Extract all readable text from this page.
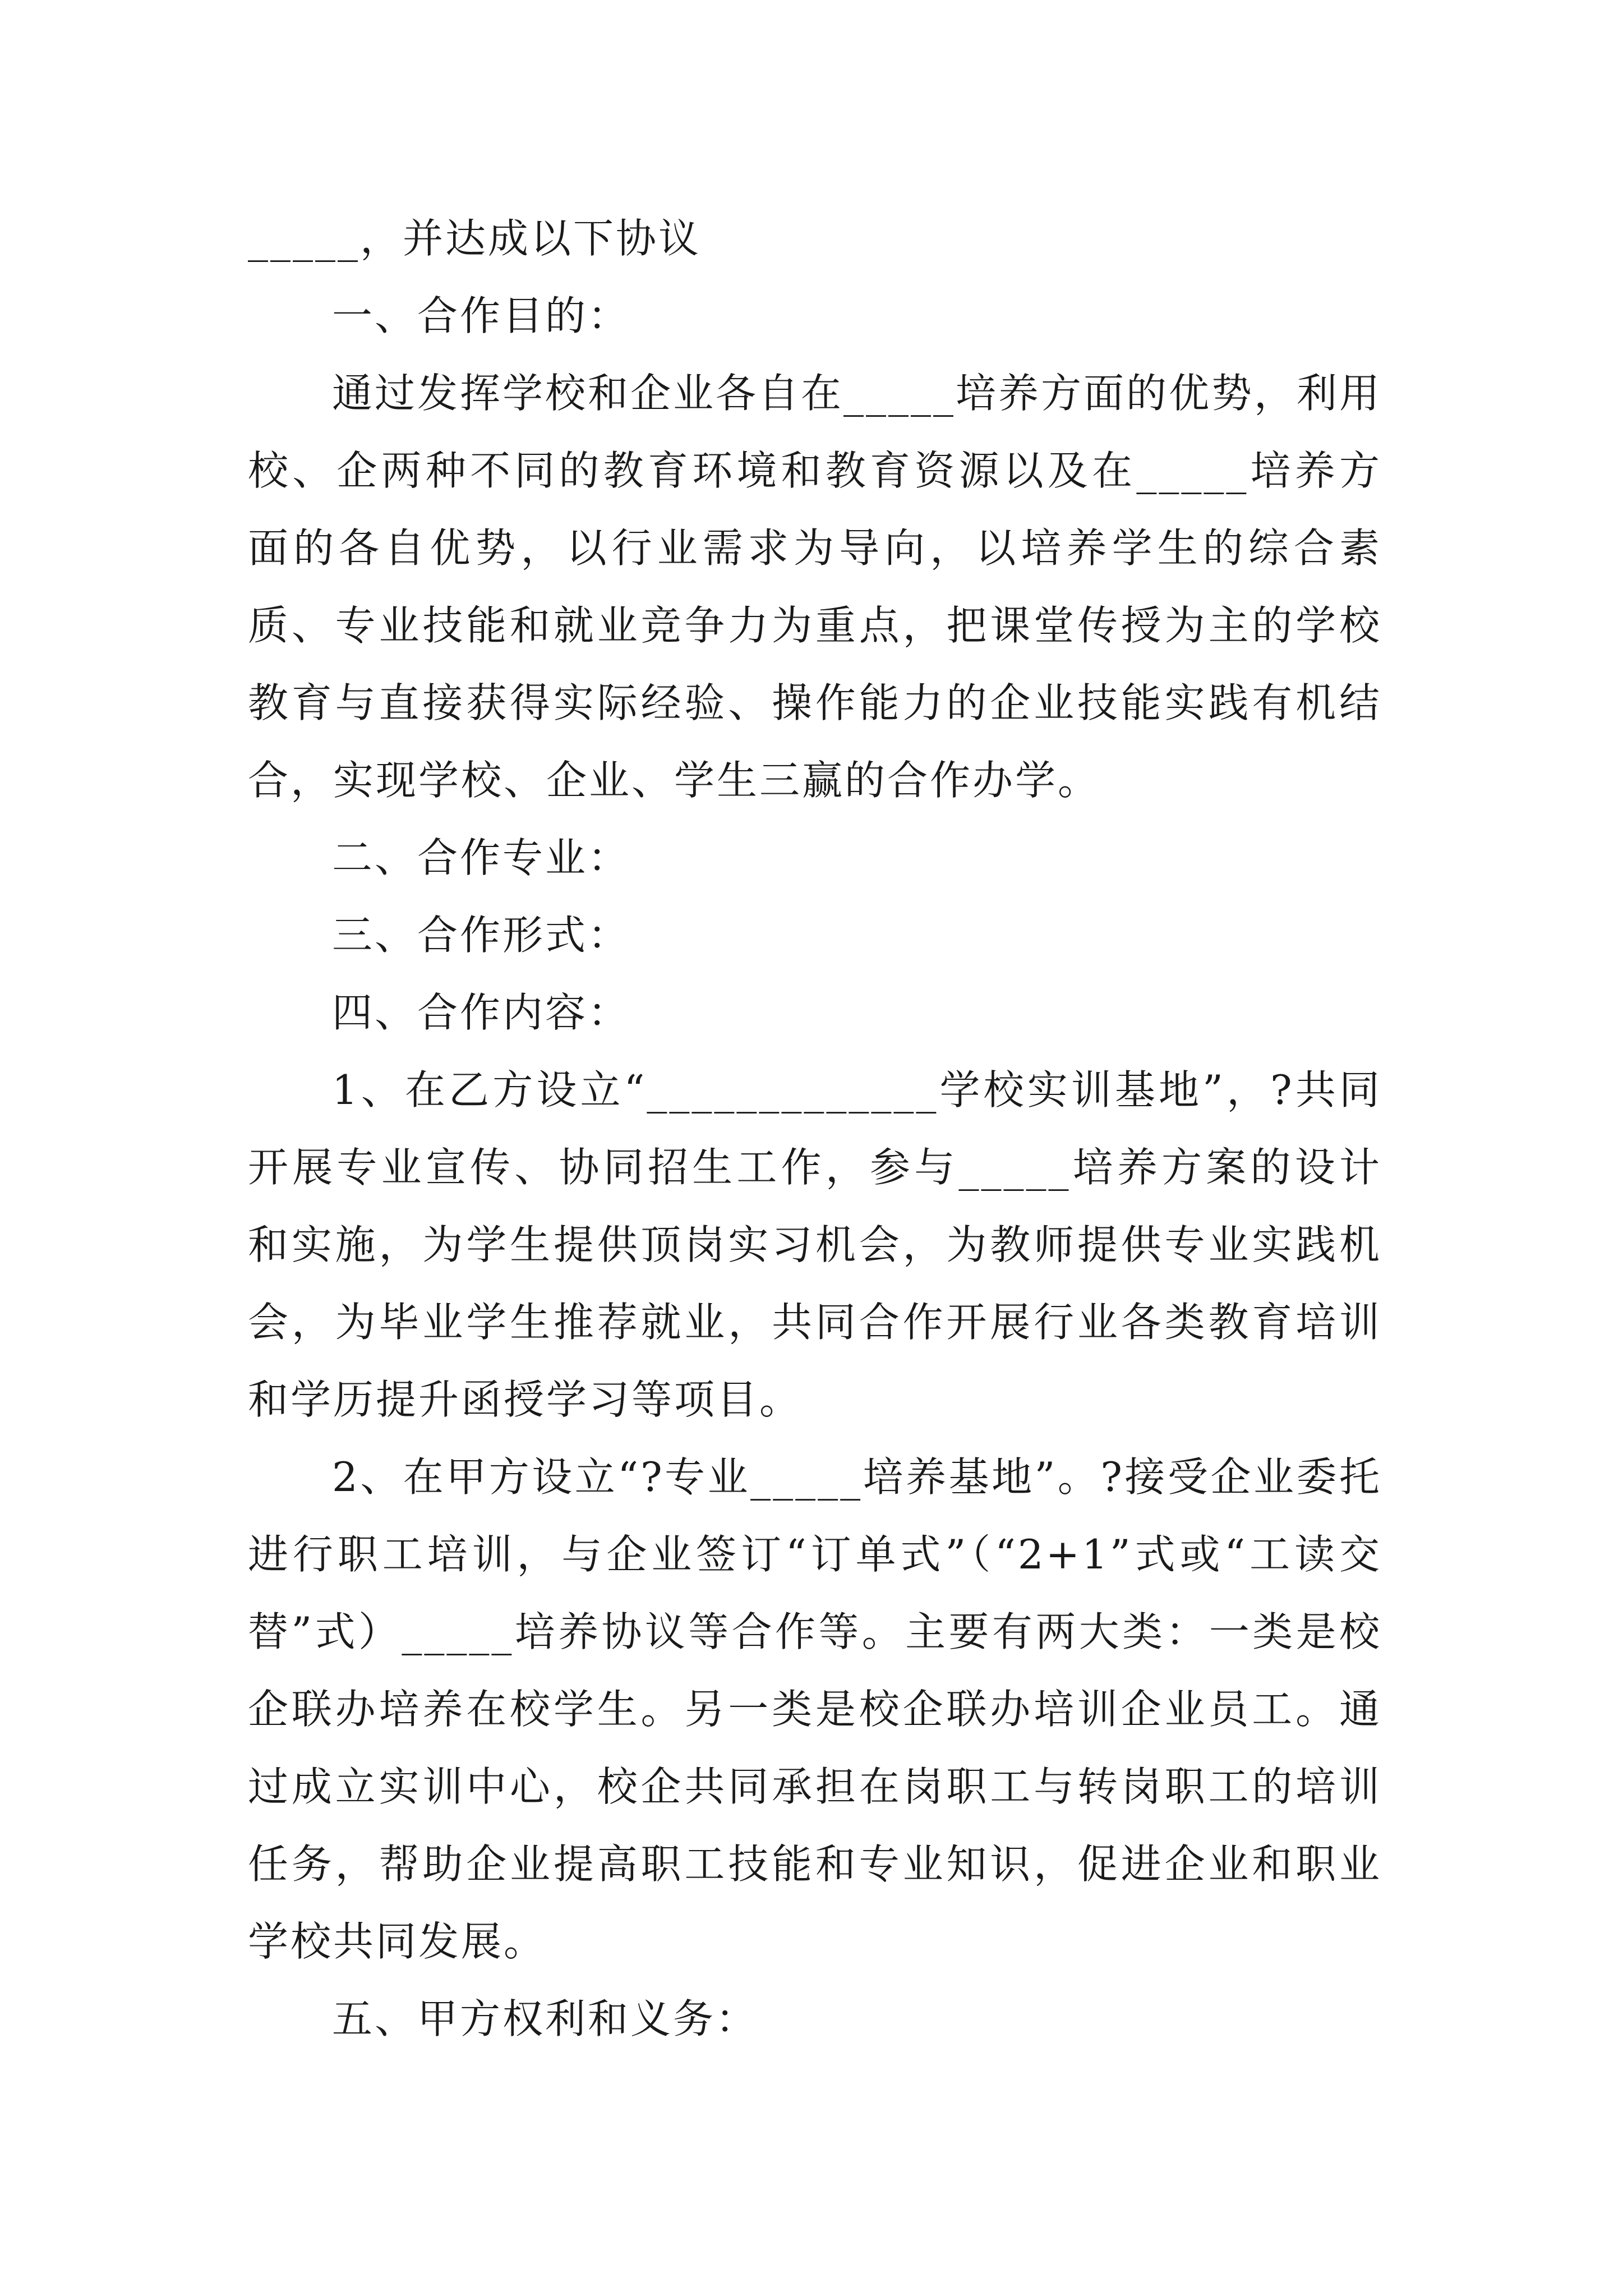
_____，并达成以下协议

一、合作目的：

通过发挥学校和企业各自在_____培养方面的优势，利用校、企两种不同的教育环境和教育资源以及在_____培养方面的各自优势，以行业需求为导向，以培养学生的综合素质、专业技能和就业竞争力为重点，把课堂传授为主的学校教育与直接获得实际经验、操作能力的企业技能实践有机结合，实现学校、企业、学生三赢的合作办学。

二、合作专业：

三、合作形式：

四、合作内容：

1、在乙方设立“_____________学校实训基地”，?共同开展专业宣传、协同招生工作，参与_____培养方案的设计和实施，为学生提供顶岗实习机会，为教师提供专业实践机会，为毕业学生推荐就业，共同合作开展行业各类教育培训和学历提升函授学习等项目。

2、在甲方设立“?专业_____培养基地”。?接受企业委托进行职工培训，与企业签订“订单式”（“2+1”式或“工读交替”式）_____培养协议等合作等。主要有两大类：一类是校企联办培养在校学生。另一类是校企联办培训企业员工。通过成立实训中心，校企共同承担在岗职工与转岗职工的培训任务，帮助企业提高职工技能和专业知识，促进企业和职业学校共同发展。

五、甲方权利和义务：
